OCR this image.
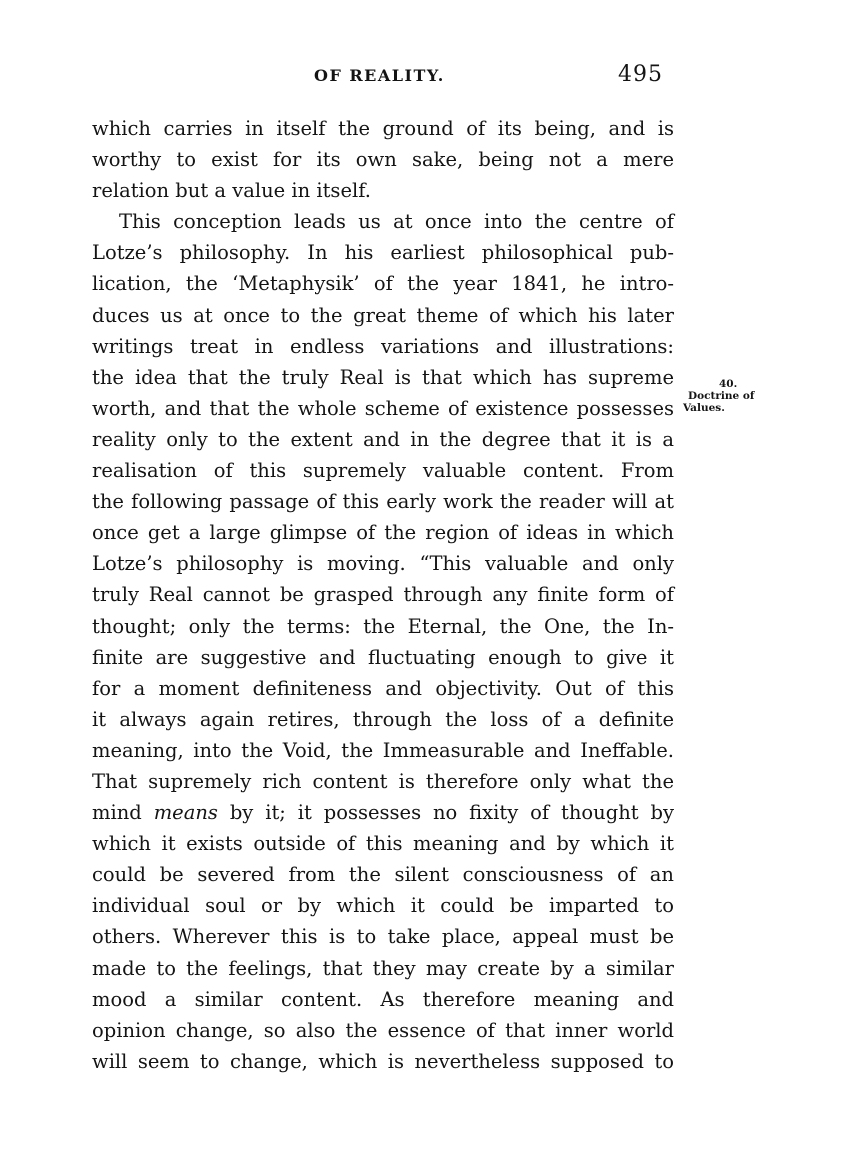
OF REALITY.	495
which carries in itself the ground of its being, and is
worthy to exist for its own sake, being not a mere
relation but a value in itself.
This conception leads us at once into the centre of
Lotze’s philosophy. In his earliest philosophical pub-
lication, the ‘Metaphysik’ of the year 1841, he intro-
duces us at once to the great theme of which his later
writings treat in endless variations and illustrations:
the idea that the truly Real is that which has supreme
worth, and that the whole scheme of existence possesses
reality only to the extent and in the degree that it is a
realisation of this supremely valuable content. From
the following passage of this early work the reader will at
once get a large glimpse of the region of ideas in which
Lotze’s philosophy is moving. “This valuable and only
truly Real cannot be grasped through any finite form of
thought; only the terms: the Eternal, the One, the In-
finite are suggestive and fluctuating enough to give it
for a moment definiteness and objectivity. Out of this
it always again retires, through the loss of a definite
meaning, into the Void, the Immeasurable and Ineffable.
That supremely rich content is therefore only what the
mind means by it; it possesses no fixity of thought by
which it exists outside of this meaning and by which it
could be severed from the silent consciousness of an
individual soul or by which it could be imparted to
others. Wherever this is to take place, appeal must be
made to the feelings, that they may create by a similar
mood a similar content. As therefore meaning and
opinion change, so also the essence of that inner world
will seem to change, which is nevertheless supposed to
40.
Doctrine of
Values.
